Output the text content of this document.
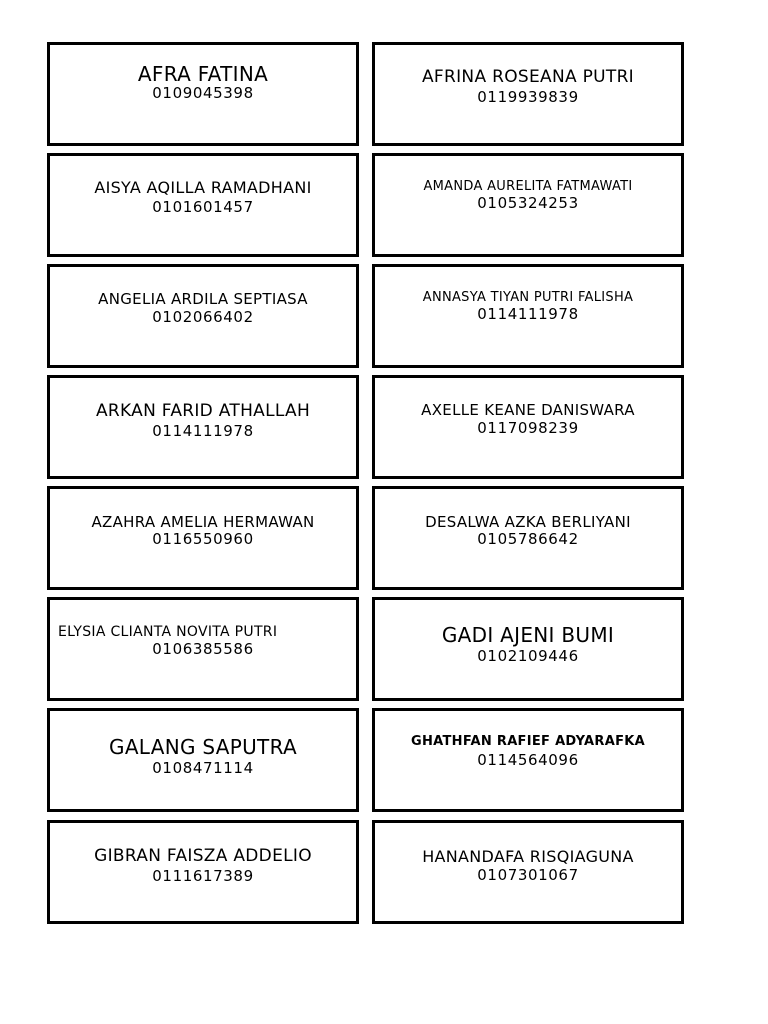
AFRA FATINA
0109045398
AFRINA ROSEANA PUTRI
0119939839
AISYA AQILLA RAMADHANI
0101601457
AMANDA AURELITA FATMAWATI
0105324253
ANGELIA ARDILA SEPTIASA
0102066402
ANNASYA TIYAN PUTRI FALISHA
0114111978
ARKAN FARID ATHALLAH
0114111978
AXELLE KEANE DANISWARA
0117098239
AZAHRA AMELIA HERMAWAN
0116550960
DESALWA AZKA BERLIYANI
0105786642
ELYSIA CLIANTA NOVITA PUTRI
0106385586
GADI AJENI BUMI
0102109446
GALANG SAPUTRA
0108471114
GHATHFAN RAFIEF ADYARAFKA
0114564096
GIBRAN FAISZA ADDELIO
0111617389
HANANDAFA RISQIAGUNA
0107301067
